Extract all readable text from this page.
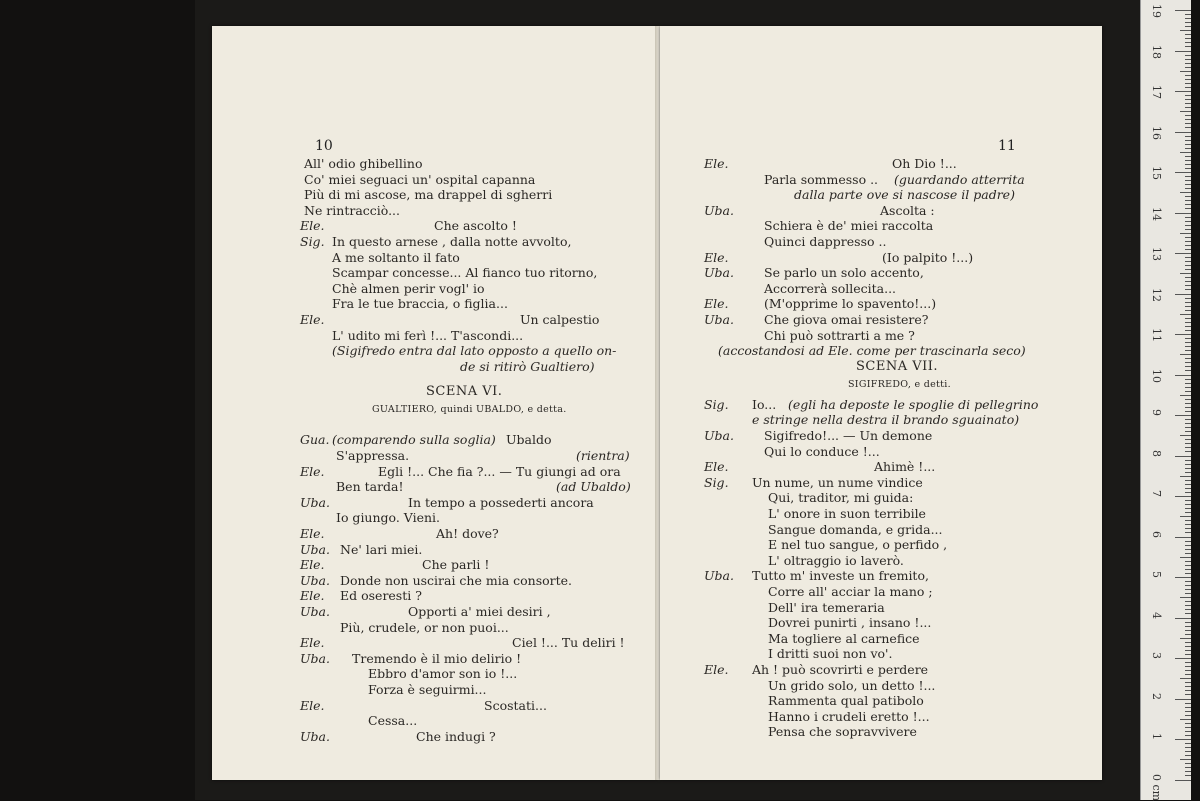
10
All' odio ghibellino
Co' miei seguaci un' ospital capanna
Più di mi ascose, ma drappel di sgherri
Ne rintracciò...
Ele.	Che ascolto !
Sig. In questo arnese , dalla notte avvolto,
A me soltanto il fato
Scampar concesse... Al fianco tuo ritorno,
Chè almen perir vogl' io
Fra le tue braccia, o figlia...
Ele.	Un calpestio
L' udito mi ferì !... T'ascondi...
(Sigifredo entra dal lato opposto a quello on-
de si ritirò Gualtiero)
SCENA VI.
GUALTIERO, quindi UBALDO, e detta.
Gua. (comparendo sulla soglia) Ubaldo
S'appressa.	(rientra)
Ele.	Egli !... Che fia ?... — Tu giungi ad ora
Ben tarda!	(ad Ubaldo)
Uba.	In tempo a possederti ancora
Io giungo. Vieni.
Ele.	Ah! dove?
Uba. Ne' lari miei.
Ele.	Che parli !
Uba. Donde non uscirai che mia consorte.
Ele. Ed oseresti ?
Uba.	Opporti a' miei desiri ,
Più, crudele, or non puoi...
Ele.	Ciel !... Tu deliri !
Uba. Tremendo è il mio delirio !
Ebbro d'amor son io !...
Forza è seguirmi...
Ele.	Scostati...
Cessa...
Uba.	Che indugi ?
11
Ele.	Oh Dio !...
Parla sommesso .. (guardando atterrita
dalla parte ove si nascose il padre)
Uba.	Ascolta :
Schiera è de' miei raccolta
Quinci dappresso ..
Ele.	(Io palpito !...)
Uba. Se parlo un solo accento,
Accorrerà sollecita...
Ele.	(M'opprime lo spavento!...)
Uba. Che giova omai resistere?
Chi può sottrarti a me ?
(accostandosi ad Ele. come per trascinarla seco)
SCENA VII.
SIGIFREDO, e detti.
Sig. Io... (egli ha deposte le spoglie di pellegrino
e stringe nella destra il brando sguainato)
Uba. Sigifredo!... — Un demone
Qui lo conduce !...
Ele.	Ahimè !...
Sig. Un nume, un nume vindice
Qui, traditor, mi guida:
L' onore in suon terribile
Sangue domanda, e grida...
E nel tuo sangue, o perfido ,
L' oltraggio io laverò.
Uba. Tutto m' investe un fremito,
Corre all' acciar la mano ;
Dell' ira temeraria
Dovrei punirti , insano !...
Ma togliere al carnefice
I dritti suoi non vo'.
Ele. Ah ! può scovrirti e perdere
Un grido solo, un detto !...
Rammenta qual patibolo
Hanno i crudeli eretto !...
Pensa che sopravvivere
19
18
17
16
15
14
13
12
11
10
9
8
7
6
5
4
3
2
1
0 cm
